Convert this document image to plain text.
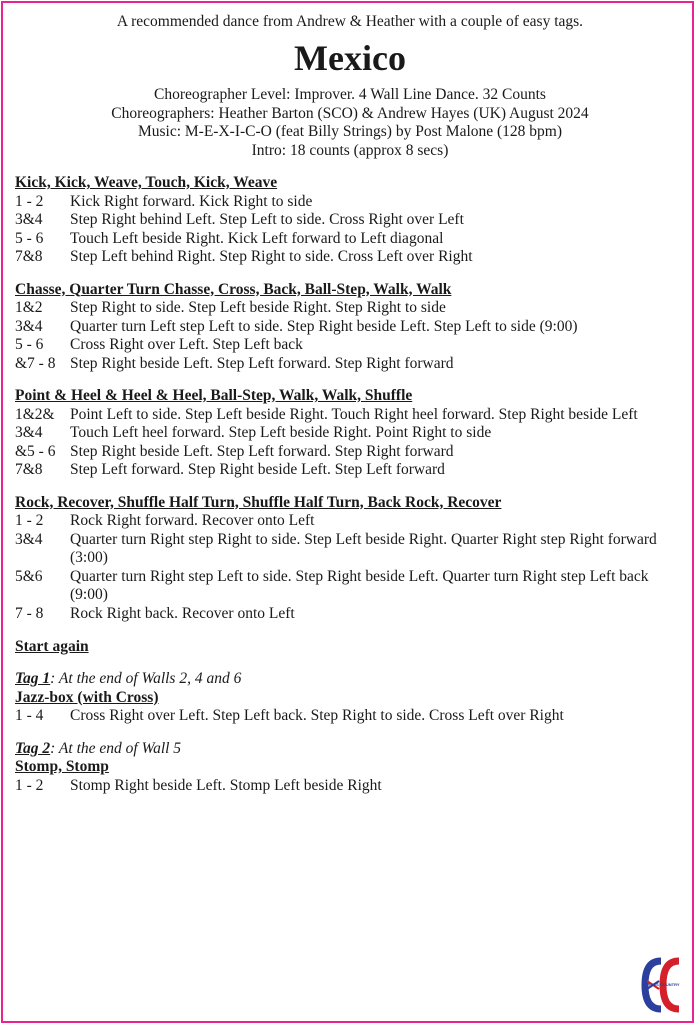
A recommended dance from Andrew & Heather with a couple of easy tags.
Mexico
Choreographer Level: Improver. 4 Wall Line Dance. 32 Counts
Choreographers: Heather Barton (SCO) & Andrew Hayes (UK) August 2024
Music: M-E-X-I-C-O (feat Billy Strings) by Post Malone (128 bpm)
Intro: 18 counts (approx 8 secs)
Kick, Kick, Weave, Touch, Kick, Weave
1 - 2	Kick Right forward. Kick Right to side
3&4	Step Right behind Left. Step Left to side. Cross Right over Left
5 - 6	Touch Left beside Right. Kick Left forward to Left diagonal
7&8	Step Left behind Right. Step Right to side. Cross Left over Right
Chasse, Quarter Turn Chasse, Cross, Back, Ball-Step, Walk, Walk
1&2	Step Right to side. Step Left beside Right. Step Right to side
3&4	Quarter turn Left step Left to side. Step Right beside Left. Step Left to side (9:00)
5 - 6	Cross Right over Left. Step Left back
&7 - 8 Step Right beside Left. Step Left forward. Step Right forward
Point & Heel & Heel & Heel, Ball-Step, Walk, Walk, Shuffle
1&2& Point Left to side. Step Left beside Right. Touch Right heel forward. Step Right beside Left
3&4	Touch Left heel forward. Step Left beside Right. Point Right to side
&5 - 6 Step Right beside Left. Step Left forward. Step Right forward
7&8	Step Left forward. Step Right beside Left. Step Left forward
Rock, Recover, Shuffle Half Turn, Shuffle Half Turn, Back Rock, Recover
1 - 2	Rock Right forward. Recover onto Left
3&4	Quarter turn Right step Right to side. Step Left beside Right. Quarter Right step Right forward (3:00)
5&6	Quarter turn Right step Left to side. Step Right beside Left. Quarter turn Right step Left back (9:00)
7 - 8	Rock Right back. Recover onto Left
Start again
Tag 1: At the end of Walls 2, 4 and 6
Jazz-box (with Cross)
1 - 4	Cross Right over Left. Step Left back. Step Right to side. Cross Left over Right
Tag 2: At the end of Wall 5
Stomp, Stomp
1 - 2	Stomp Right beside Left. Stomp Left beside Right
CROSS COUNTRY
